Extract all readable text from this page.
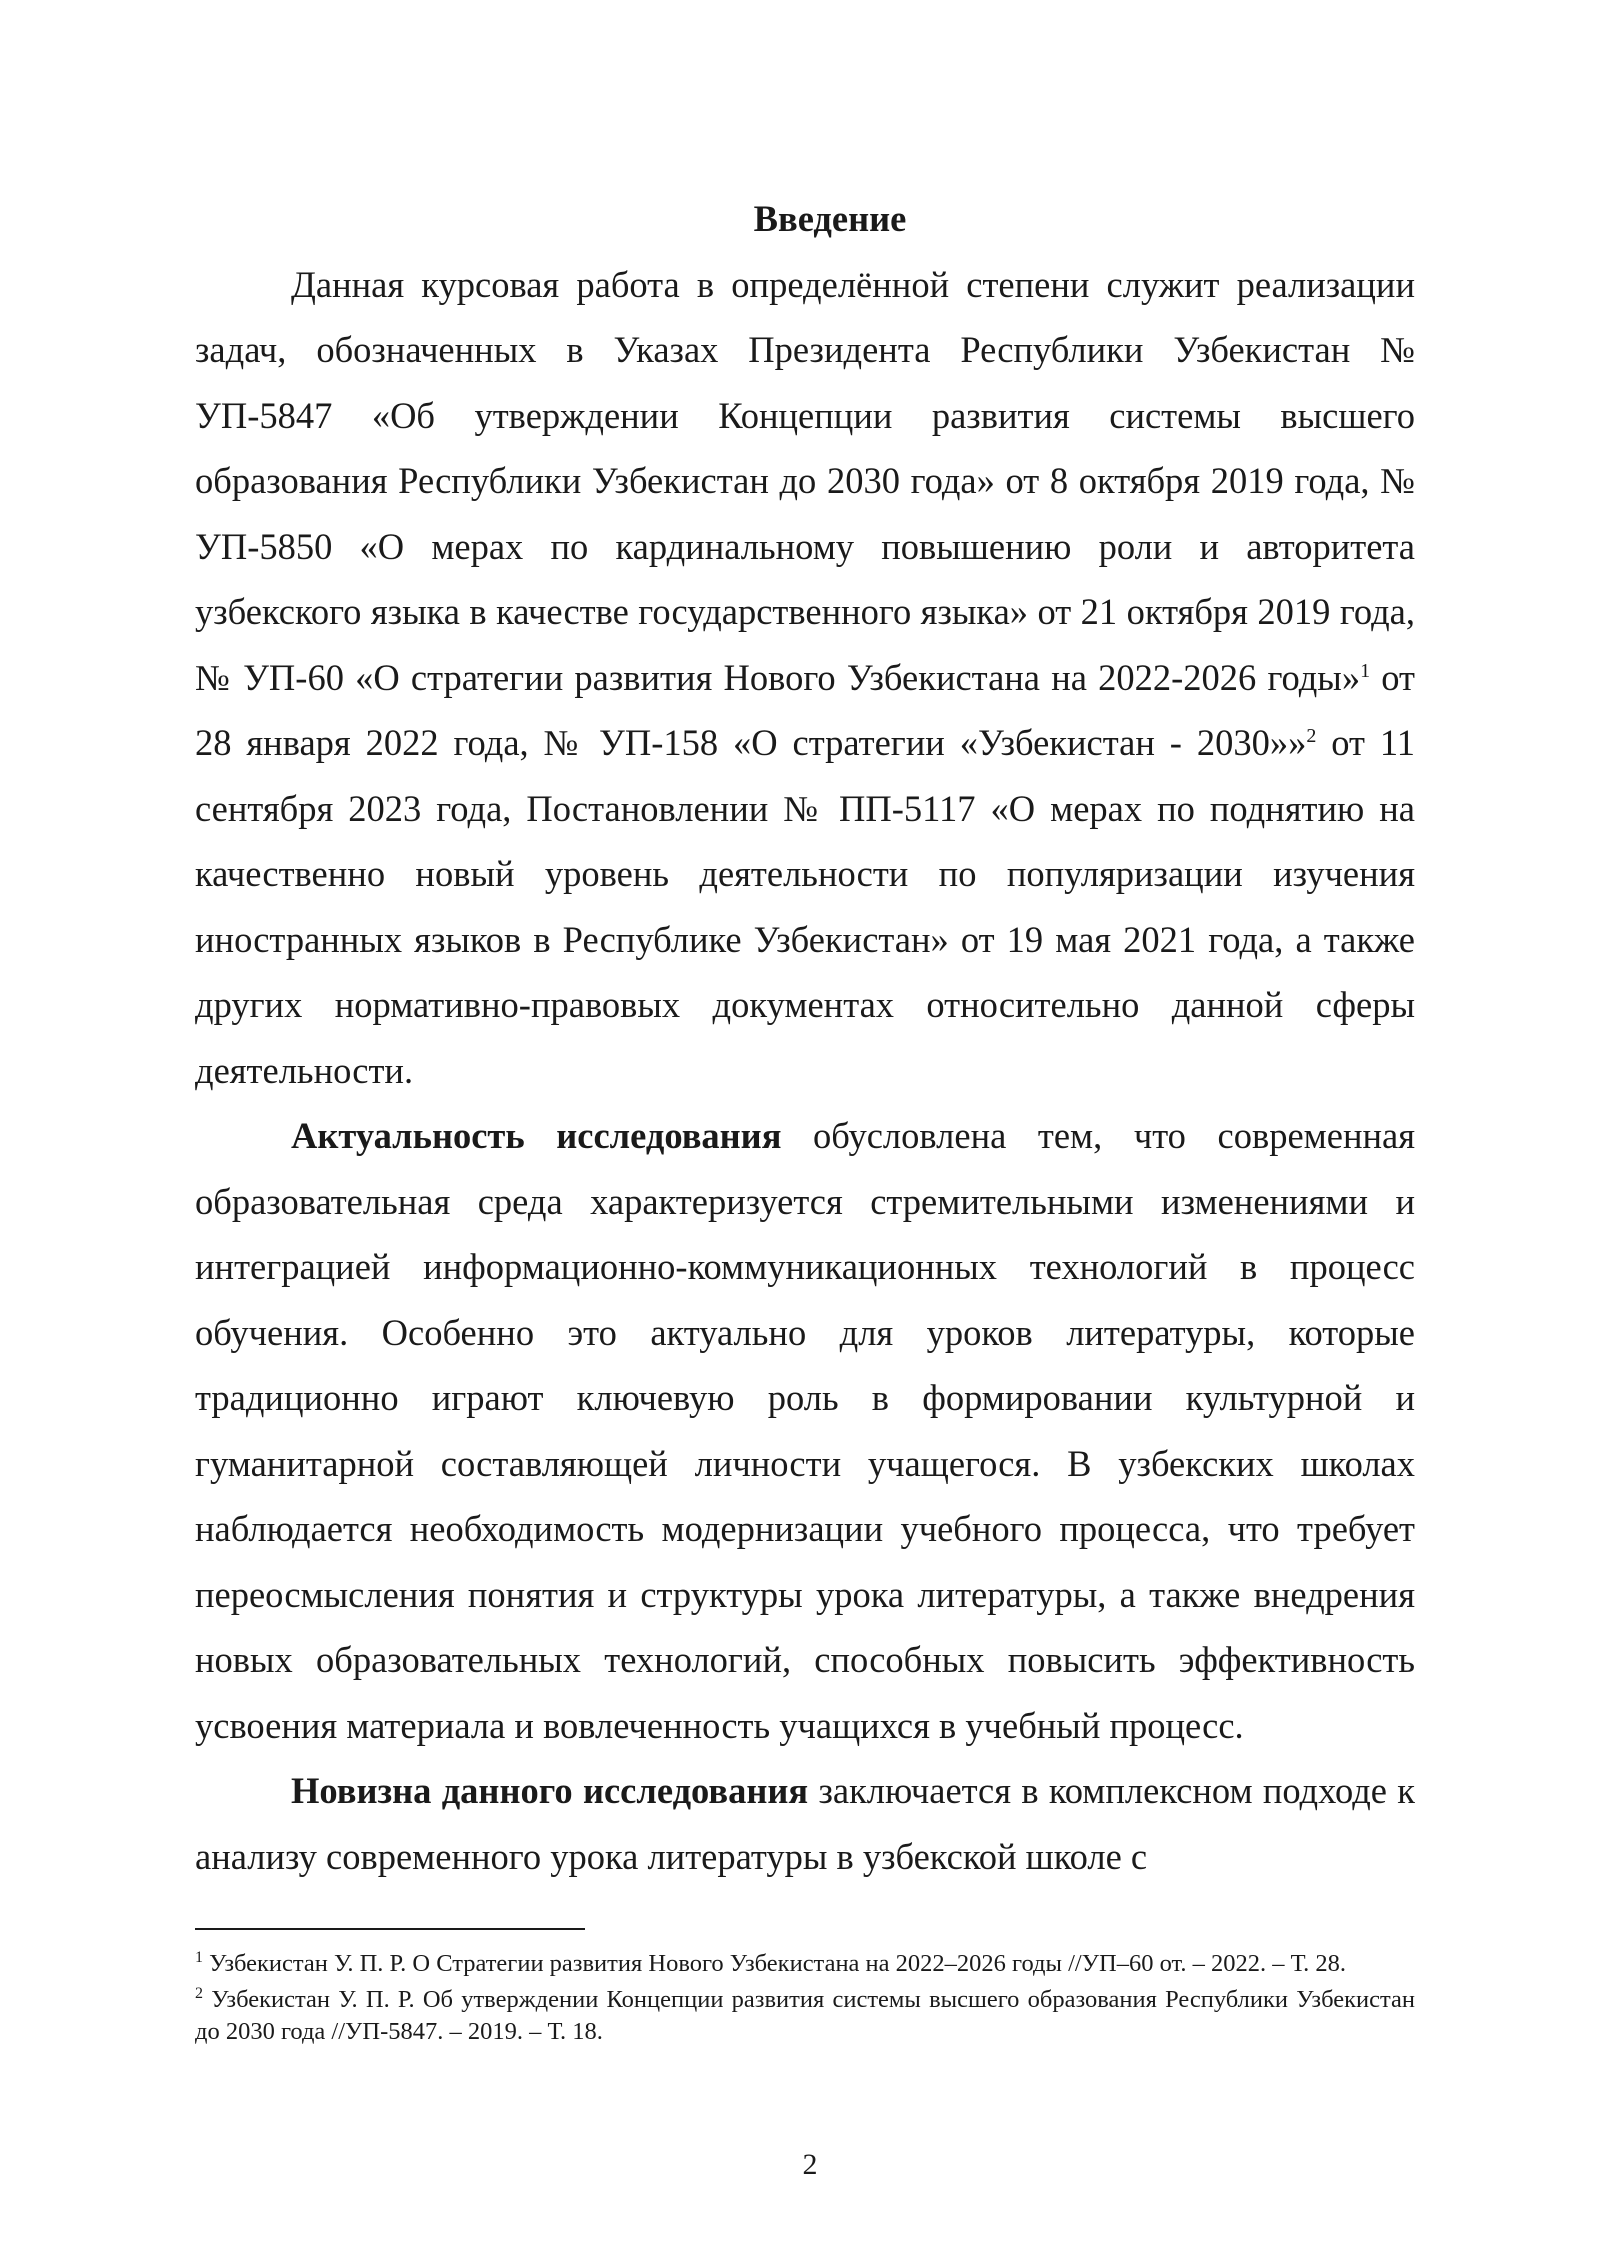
Введение

Данная курсовая работа в определённой степени служит реализации задач, обозначенных в Указах Президента Республики Узбекистан № УП-5847 «Об утверждении Концепции развития системы высшего образования Республики Узбекистан до 2030 года» от 8 октября 2019 года, № УП-5850 «О мерах по кардинальному повышению роли и авторитета узбекского языка в качестве государственного языка» от 21 октября 2019 года, № УП-60 «О стратегии развития Нового Узбекистана на 2022-2026 годы»$^1$ от 28 января 2022 года, № УП-158 «О стратегии «Узбекистан - 2030»»$^2$ от 11 сентября 2023 года, Постановлении № ПП-5117 «О мерах по поднятию на качественно новый уровень деятельности по популяризации изучения иностранных языков в Республике Узбекистан» от 19 мая 2021 года, а также других нормативно-правовых документах относительно данной сферы деятельности.

Актуальность исследования обусловлена тем, что современная образовательная среда характеризуется стремительными изменениями и интеграцией информационно-коммуникационных технологий в процесс обучения. Особенно это актуально для уроков литературы, которые традиционно играют ключевую роль в формировании культурной и гуманитарной составляющей личности учащегося. В узбекских школах наблюдается необходимость модернизации учебного процесса, что требует переосмысления понятия и структуры урока литературы, а также внедрения новых образовательных технологий, способных повысить эффективность усвоения материала и вовлеченность учащихся в учебный процесс.

Новизна данного исследования заключается в комплексном подходе к анализу современного урока литературы в узбекской школе с

$^1$ Узбекистан У. П. Р. О Стратегии развития Нового Узбекистана на 2022–2026 годы //УП–60 от. – 2022. – Т. 28.

$^2$ Узбекистан У. П. Р. Об утверждении Концепции развития системы высшего образования Республики Узбекистан до 2030 года //УП-5847. – 2019. – Т. 18.

2
